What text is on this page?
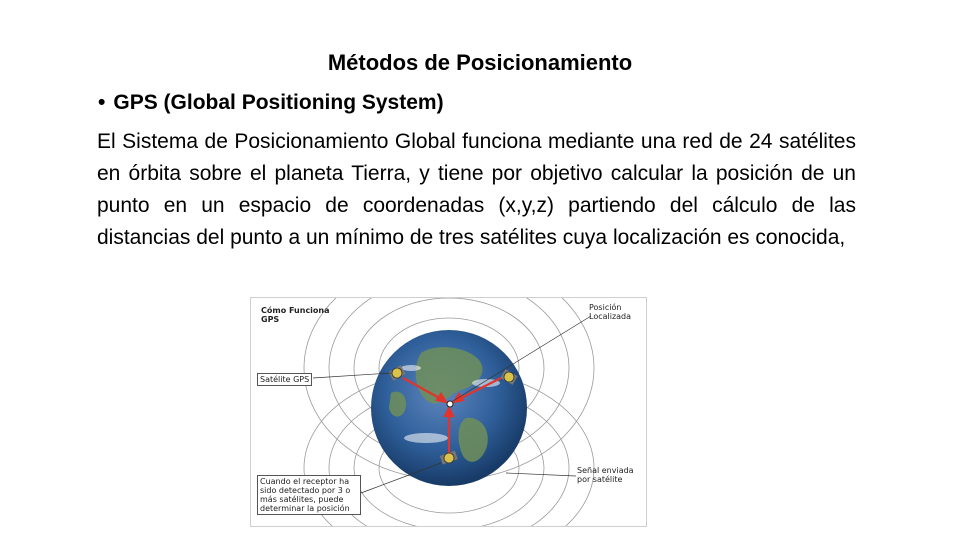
Métodos de Posicionamiento
• GPS (Global Positioning System)
El Sistema de Posicionamiento Global funciona mediante una red de 24 satélites en órbita sobre el planeta Tierra, y tiene por objetivo calcular la posición de un punto en un espacio de coordenadas (x,y,z) partiendo del cálculo de las distancias del punto a un mínimo de tres satélites cuya localización es conocida,
Cómo Funciona GPS
Satélite GPS
Posición Localizada
Señal enviada por satélite
Cuando el receptor ha sido detectado por 3 o más satélites, puede determinar la posición
